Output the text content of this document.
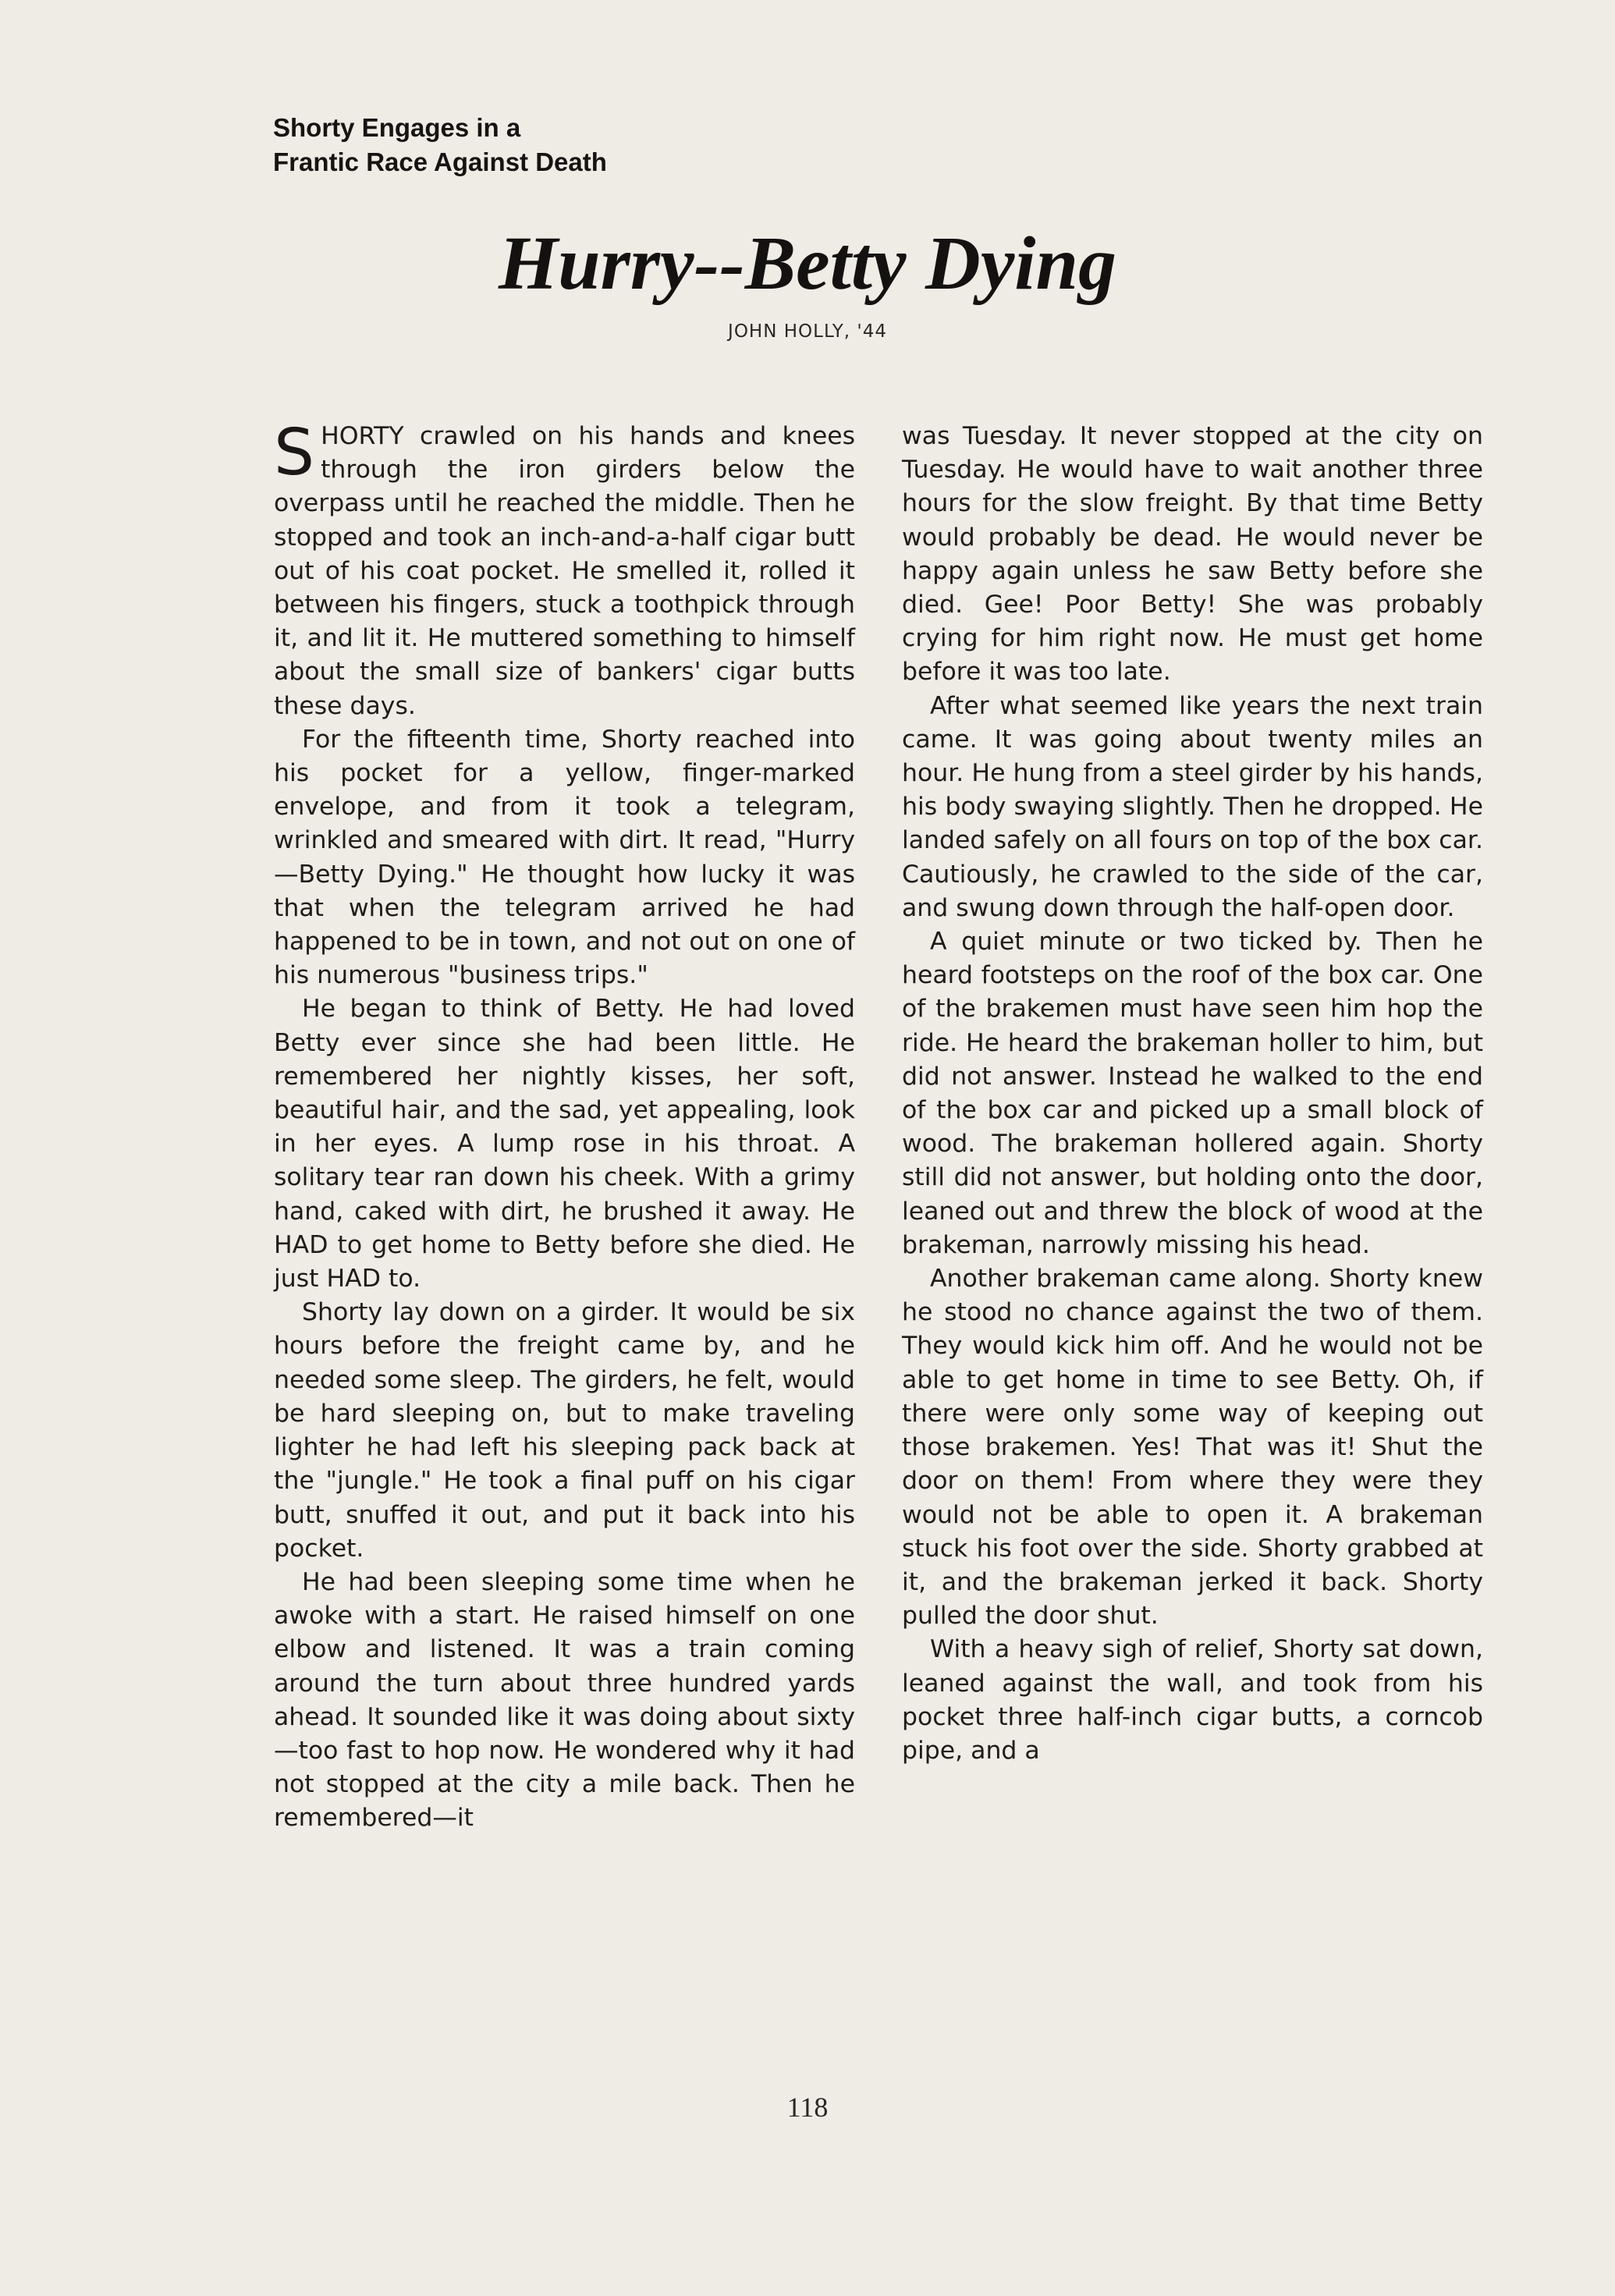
Shorty Engages in a
Frantic Race Against Death
Hurry--Betty Dying
JOHN HOLLY, '44

SHORTY crawled on his hands and knees through the iron girders below the overpass until he reached the middle. Then he stopped and took an inch-and-a-half cigar butt out of his coat pocket. He smelled it, rolled it between his fingers, stuck a toothpick through it, and lit it. He muttered something to himself about the small size of bankers' cigar butts these days.

For the fifteenth time, Shorty reached into his pocket for a yellow, finger-marked envelope, and from it took a telegram, wrinkled and smeared with dirt. It read, "Hurry—Betty Dying." He thought how lucky it was that when the telegram arrived he had happened to be in town, and not out on one of his numerous "business trips."

He began to think of Betty. He had loved Betty ever since she had been little. He remembered her nightly kisses, her soft, beautiful hair, and the sad, yet appealing, look in her eyes. A lump rose in his throat. A solitary tear ran down his cheek. With a grimy hand, caked with dirt, he brushed it away. He HAD to get home to Betty before she died. He just HAD to.

Shorty lay down on a girder. It would be six hours before the freight came by, and he needed some sleep. The girders, he felt, would be hard sleeping on, but to make traveling lighter he had left his sleeping pack back at the "jungle." He took a final puff on his cigar butt, snuffed it out, and put it back into his pocket.

He had been sleeping some time when he awoke with a start. He raised himself on one elbow and listened. It was a train coming around the turn about three hundred yards ahead. It sounded like it was doing about sixty —too fast to hop now. He wondered why it had not stopped at the city a mile back. Then he remembered—it

was Tuesday. It never stopped at the city on Tuesday. He would have to wait another three hours for the slow freight. By that time Betty would probably be dead. He would never be happy again unless he saw Betty before she died. Gee! Poor Betty! She was probably crying for him right now. He must get home before it was too late.

After what seemed like years the next train came. It was going about twenty miles an hour. He hung from a steel girder by his hands, his body swaying slightly. Then he dropped. He landed safely on all fours on top of the box car. Cautiously, he crawled to the side of the car, and swung down through the half-open door.

A quiet minute or two ticked by. Then he heard footsteps on the roof of the box car. One of the brakemen must have seen him hop the ride. He heard the brakeman holler to him, but did not answer. Instead he walked to the end of the box car and picked up a small block of wood. The brakeman hollered again. Shorty still did not answer, but holding onto the door, leaned out and threw the block of wood at the brakeman, narrowly missing his head.

Another brakeman came along. Shorty knew he stood no chance against the two of them. They would kick him off. And he would not be able to get home in time to see Betty. Oh, if there were only some way of keeping out those brakemen. Yes! That was it! Shut the door on them! From where they were they would not be able to open it. A brakeman stuck his foot over the side. Shorty grabbed at it, and the brakeman jerked it back. Shorty pulled the door shut.

With a heavy sigh of relief, Shorty sat down, leaned against the wall, and took from his pocket three half-inch cigar butts, a corncob pipe, and a

118
